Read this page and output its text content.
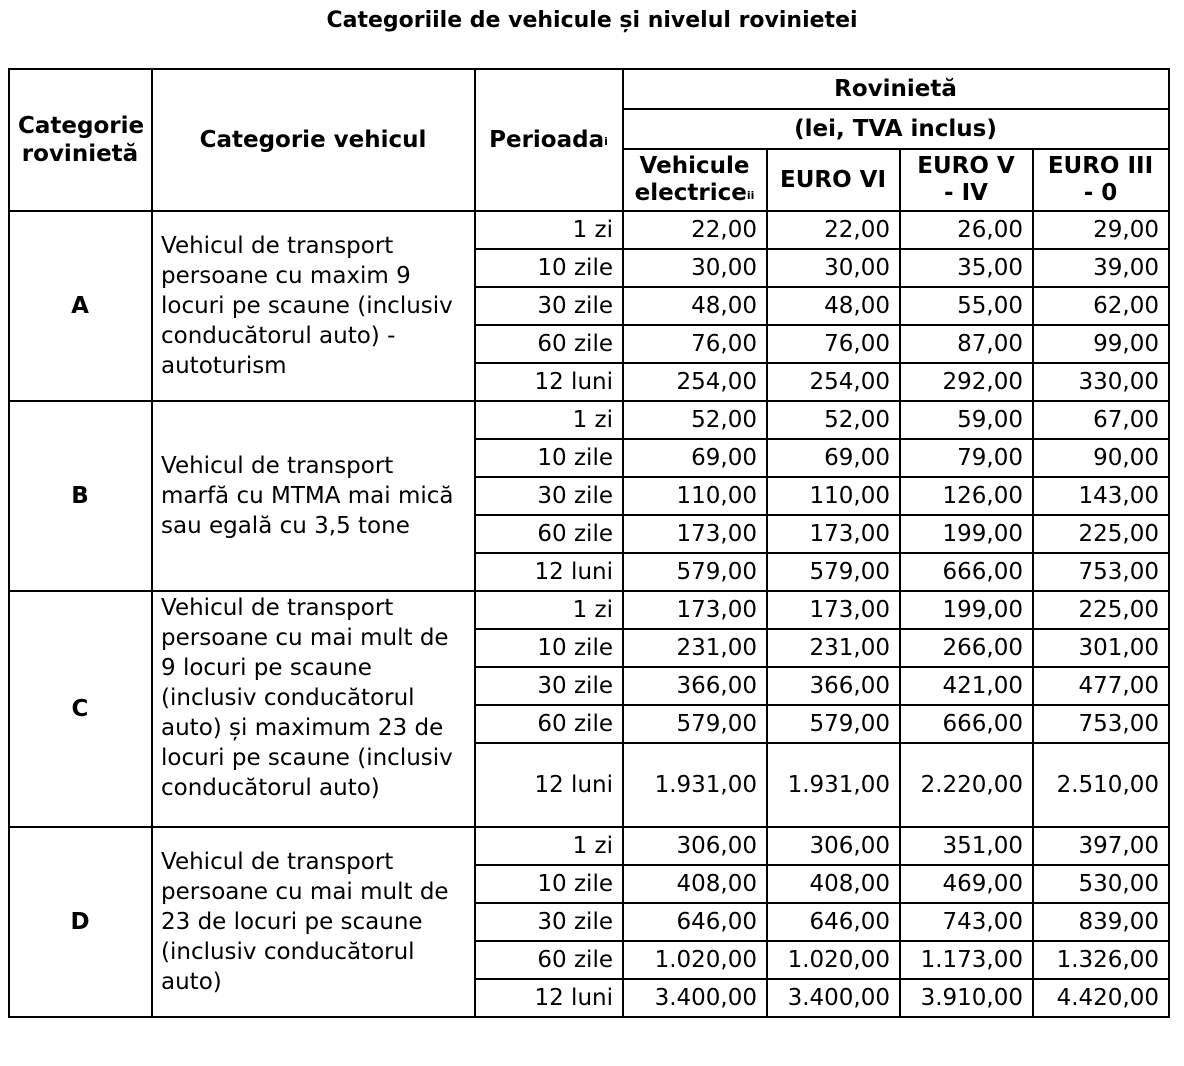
Categoriile de vehicule și nivelul rovinietei
Categorie rovinietă	Categorie vehicul	Perioada$^i$	Rovinietă			
			(lei, TVA inclus)			
			Vehicule electrice$^{ii}$	EURO VI	EURO V - IV	EURO III - 0
A	Vehicul de transport persoane cu maxim 9 locuri pe scaune (inclusiv conducătorul auto) - autoturism	1 zi	22,00	22,00	26,00	29,00
		10 zile	30,00	30,00	35,00	39,00
		30 zile	48,00	48,00	55,00	62,00
		60 zile	76,00	76,00	87,00	99,00
		12 luni	254,00	254,00	292,00	330,00
B	Vehicul de transport marfă cu MTMA mai mică sau egală cu 3,5 tone	1 zi	52,00	52,00	59,00	67,00
		10 zile	69,00	69,00	79,00	90,00
		30 zile	110,00	110,00	126,00	143,00
		60 zile	173,00	173,00	199,00	225,00
		12 luni	579,00	579,00	666,00	753,00
C	Vehicul de transport persoane cu mai mult de 9 locuri pe scaune (inclusiv conducătorul auto) și maximum 23 de locuri pe scaune (inclusiv conducătorul auto)	1 zi	173,00	173,00	199,00	225,00
		10 zile	231,00	231,00	266,00	301,00
		30 zile	366,00	366,00	421,00	477,00
		60 zile	579,00	579,00	666,00	753,00
		12 luni	1.931,00	1.931,00	2.220,00	2.510,00
D	Vehicul de transport persoane cu mai mult de 23 de locuri pe scaune (inclusiv conducătorul auto)	1 zi	306,00	306,00	351,00	397,00
		10 zile	408,00	408,00	469,00	530,00
		30 zile	646,00	646,00	743,00	839,00
		60 zile	1.020,00	1.020,00	1.173,00	1.326,00
		12 luni	3.400,00	3.400,00	3.910,00	4.420,00
